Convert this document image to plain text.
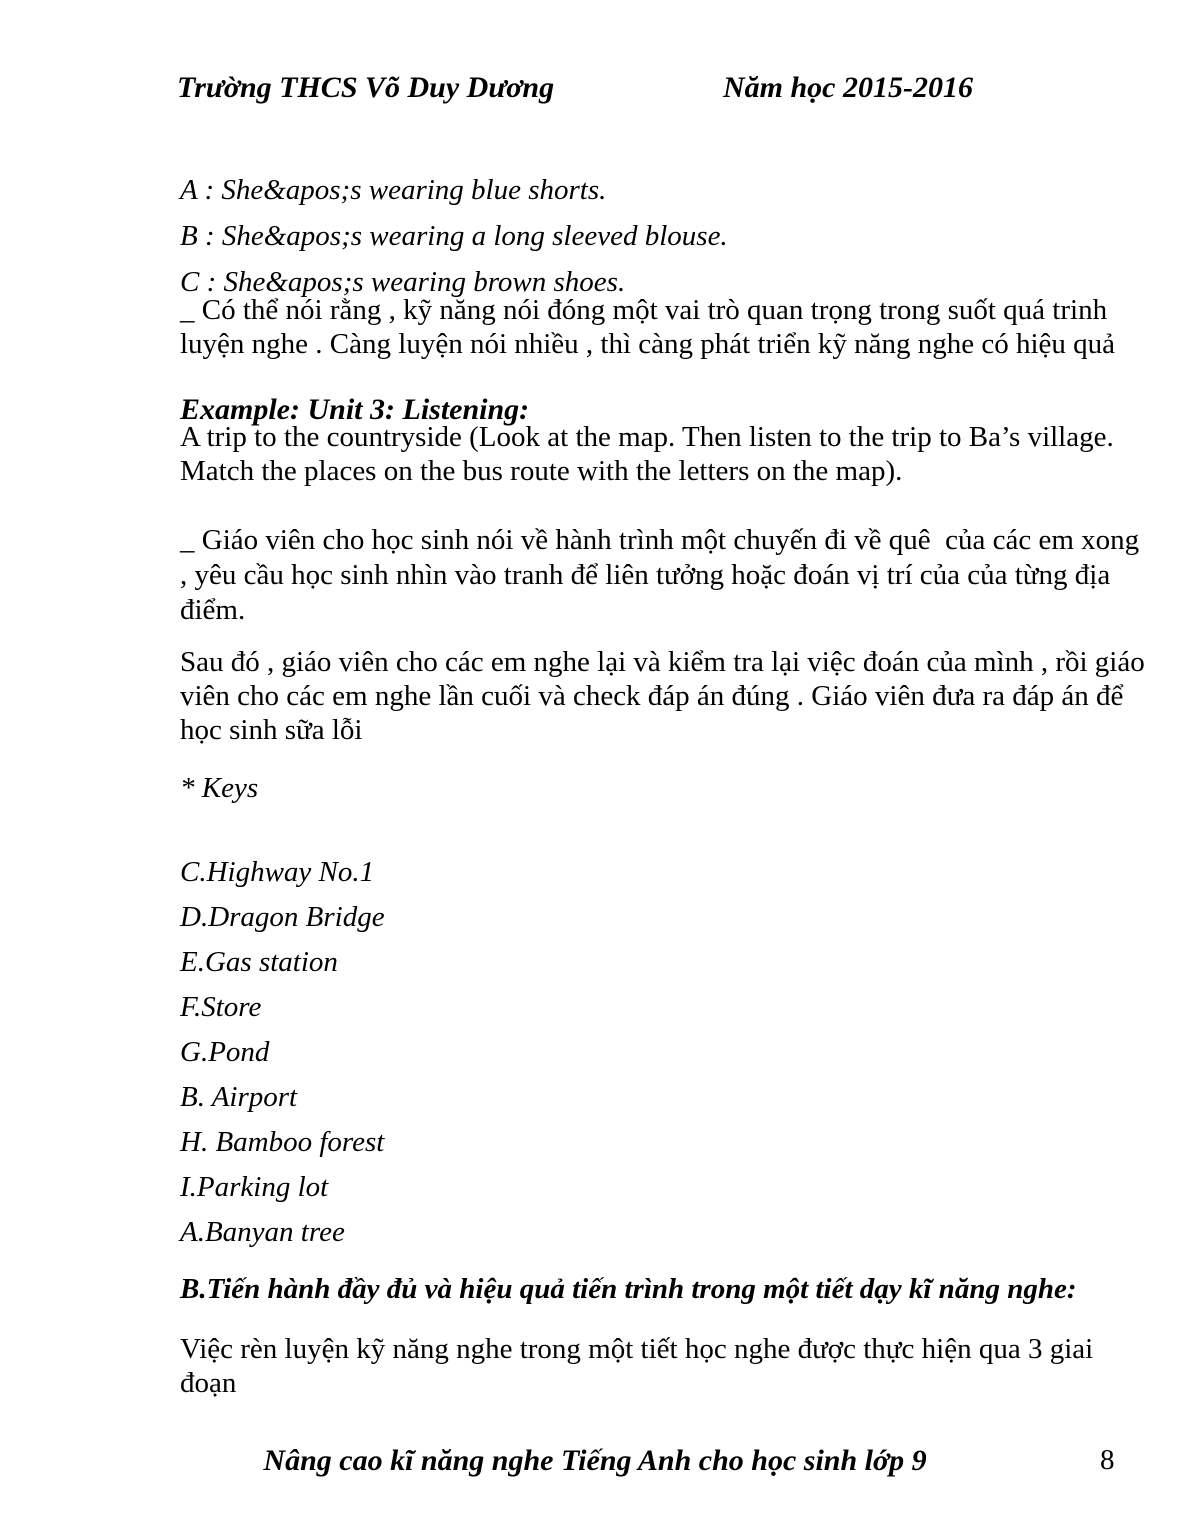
Trường THCS Võ Duy Dương	Năm học 2015-2016
A : She&apos;s wearing blue shorts.
B : She&apos;s wearing a long sleeved blouse.
C : She&apos;s wearing brown shoes.
_ Có thể nói rằng , kỹ năng nói đóng một vai trò quan trọng trong suốt quá trinh
luyện nghe . Càng luyện nói nhiều , thì càng phát triển kỹ năng nghe có hiệu quả
Example: Unit 3: Listening:
A trip to the countryside (Look at the map. Then listen to the trip to Ba’s village.
Match the places on the bus route with the letters on the map).
_ Giáo viên cho học sinh nói về hành trình một chuyến đi về quê  của các em xong
, yêu cầu học sinh nhìn vào tranh để liên tưởng hoặc đoán vị trí của của từng địa
điểm.
Sau đó , giáo viên cho các em nghe lại và kiểm tra lại việc đoán của mình , rồi giáo
viên cho các em nghe lần cuối và check đáp án đúng . Giáo viên đưa ra đáp án để
học sinh sữa lỗi
* Keys
C.Highway No.1
D.Dragon Bridge
E.Gas station
F.Store
G.Pond
B. Airport
H. Bamboo forest
I.Parking lot
A.Banyan tree
B.Tiến hành đầy đủ và hiệu quả tiến trình trong một tiết dạy kĩ năng nghe:
Việc rèn luyện kỹ năng nghe trong một tiết học nghe được thực hiện qua 3 giai
đoạn
Nâng cao kĩ năng nghe Tiếng Anh cho học sinh lớp 9	8
